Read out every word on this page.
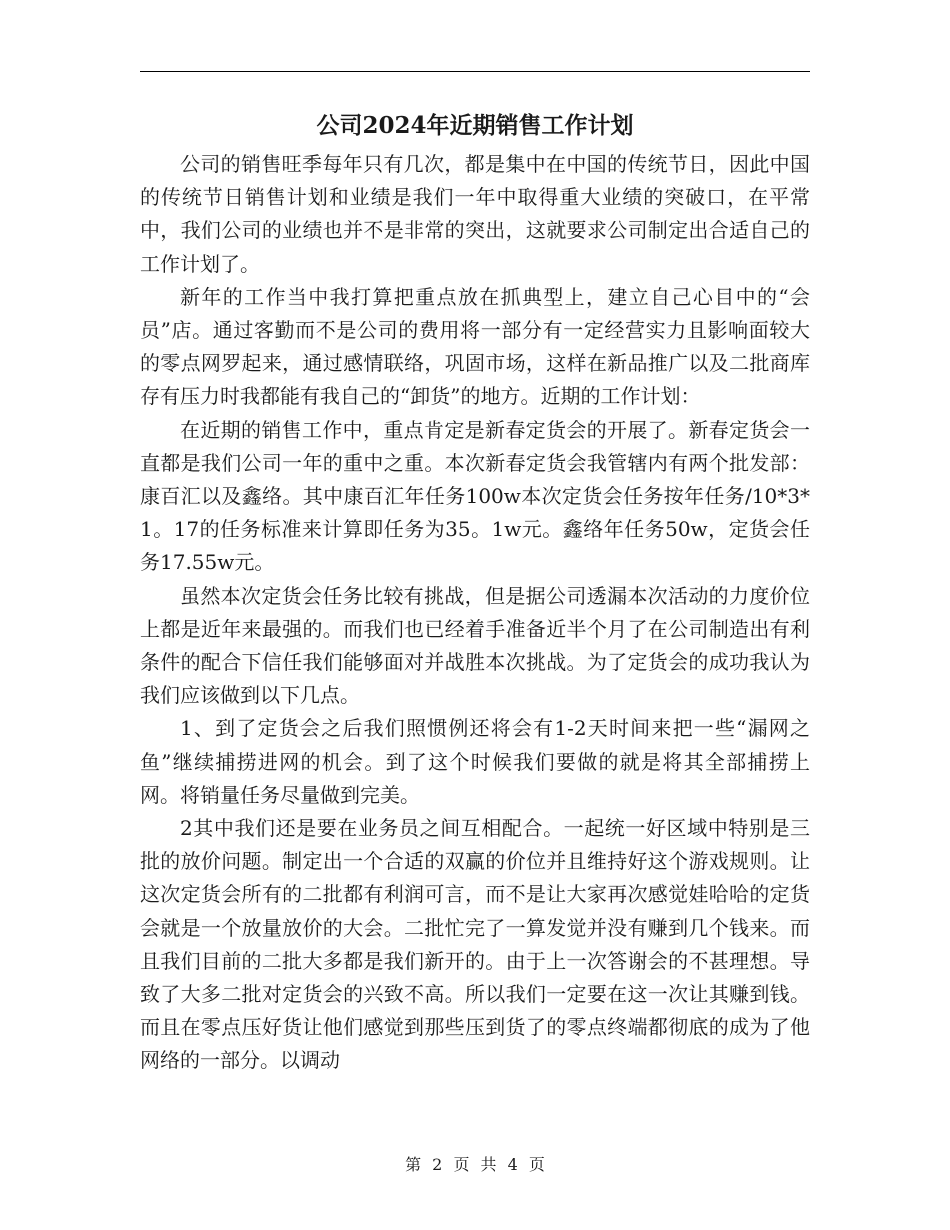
公司2024年近期销售工作计划

公司的销售旺季每年只有几次，都是集中在中国的传统节日，因此中国的传统节日销售计划和业绩是我们一年中取得重大业绩的突破口，在平常中，我们公司的业绩也并不是非常的突出，这就要求公司制定出合适自己的工作计划了。

新年的工作当中我打算把重点放在抓典型上，建立自己心目中的“会员”店。通过客勤而不是公司的费用将一部分有一定经营实力且影响面较大的零点网罗起来，通过感情联络，巩固市场，这样在新品推广以及二批商库存有压力时我都能有我自己的“卸货”的地方。近期的工作计划：

在近期的销售工作中，重点肯定是新春定货会的开展了。新春定货会一直都是我们公司一年的重中之重。本次新春定货会我管辖内有两个批发部：康百汇以及鑫络。其中康百汇年任务100w本次定货会任务按年任务/10*3*1。17的任务标准来计算即任务为35。1w元。鑫络年任务50w，定货会任务17.55w元。

虽然本次定货会任务比较有挑战，但是据公司透漏本次活动的力度价位上都是近年来最强的。而我们也已经着手准备近半个月了在公司制造出有利条件的配合下信任我们能够面对并战胜本次挑战。为了定货会的成功我认为我们应该做到以下几点。

1、到了定货会之后我们照惯例还将会有1-2天时间来把一些“漏网之鱼”继续捕捞进网的机会。到了这个时候我们要做的就是将其全部捕捞上网。将销量任务尽量做到完美。

2其中我们还是要在业务员之间互相配合。一起统一好区域中特别是三批的放价问题。制定出一个合适的双赢的价位并且维持好这个游戏规则。让这次定货会所有的二批都有利润可言，而不是让大家再次感觉娃哈哈的定货会就是一个放量放价的大会。二批忙完了一算发觉并没有赚到几个钱来。而且我们目前的二批大多都是我们新开的。由于上一次答谢会的不甚理想。导致了大多二批对定货会的兴致不高。所以我们一定要在这一次让其赚到钱。而且在零点压好货让他们感觉到那些压到货了的零点终端都彻底的成为了他网络的一部分。以调动

第 2 页 共 4 页
